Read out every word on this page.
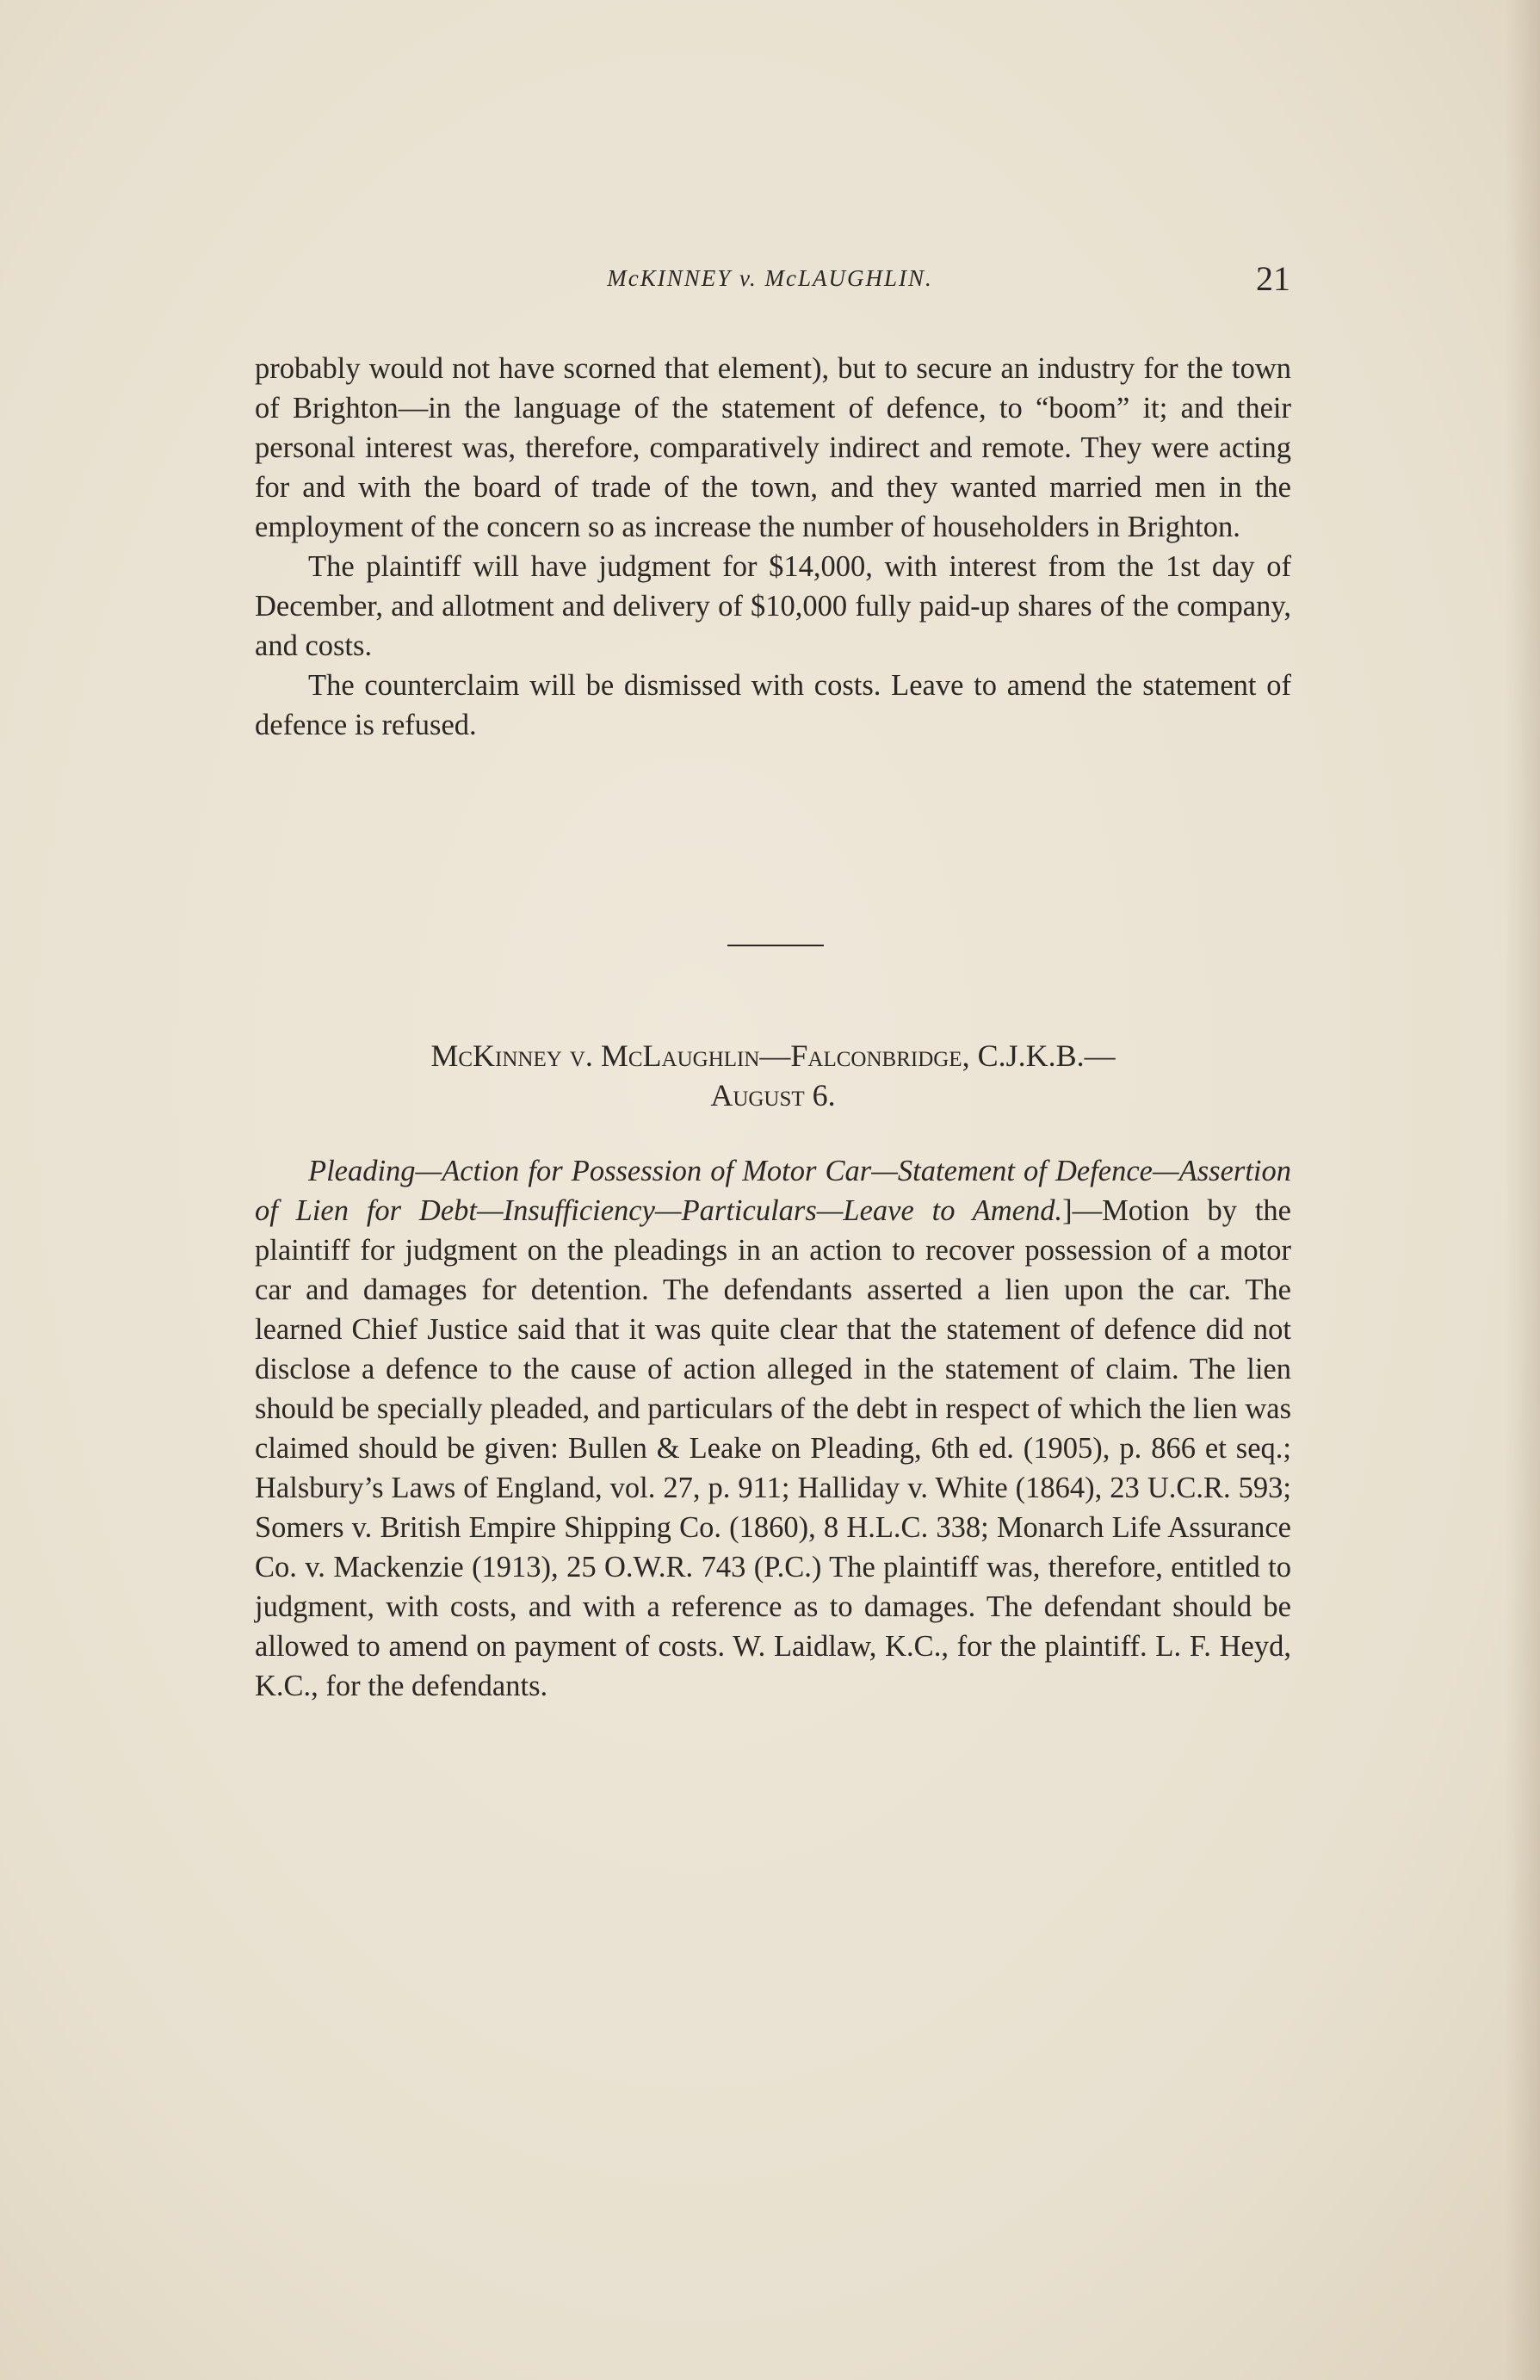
McKINNEY v. McLAUGHLIN.	21

probably would not have scorned that element), but to secure an industry for the town of Brighton—in the language of the statement of defence, to “boom” it; and their personal interest was, therefore, comparatively indirect and remote. They were acting for and with the board of trade of the town, and they wanted married men in the employment of the concern so as increase the number of householders in Brighton.

The plaintiff will have judgment for $14,000, with interest from the 1st day of December, and allotment and delivery of $10,000 fully paid-up shares of the company, and costs.

The counterclaim will be dismissed with costs. Leave to amend the statement of defence is refused.

McKinney v. McLaughlin—Falconbridge, C.J.K.B.—
August 6.

Pleading—Action for Possession of Motor Car—Statement of Defence—Assertion of Lien for Debt—Insufficiency—Particulars—Leave to Amend.]—Motion by the plaintiff for judgment on the pleadings in an action to recover possession of a motor car and damages for detention. The defendants asserted a lien upon the car. The learned Chief Justice said that it was quite clear that the statement of defence did not disclose a defence to the cause of action alleged in the statement of claim. The lien should be specially pleaded, and particulars of the debt in respect of which the lien was claimed should be given: Bullen & Leake on Pleading, 6th ed. (1905), p. 866 et seq.; Halsbury’s Laws of England, vol. 27, p. 911; Halliday v. White (1864), 23 U.C.R. 593; Somers v. British Empire Shipping Co. (1860), 8 H.L.C. 338; Monarch Life Assurance Co. v. Mackenzie (1913), 25 O.W.R. 743 (P.C.) The plaintiff was, therefore, entitled to judgment, with costs, and with a reference as to damages. The defendant should be allowed to amend on payment of costs. W. Laidlaw, K.C., for the plaintiff. L. F. Heyd, K.C., for the defendants.
